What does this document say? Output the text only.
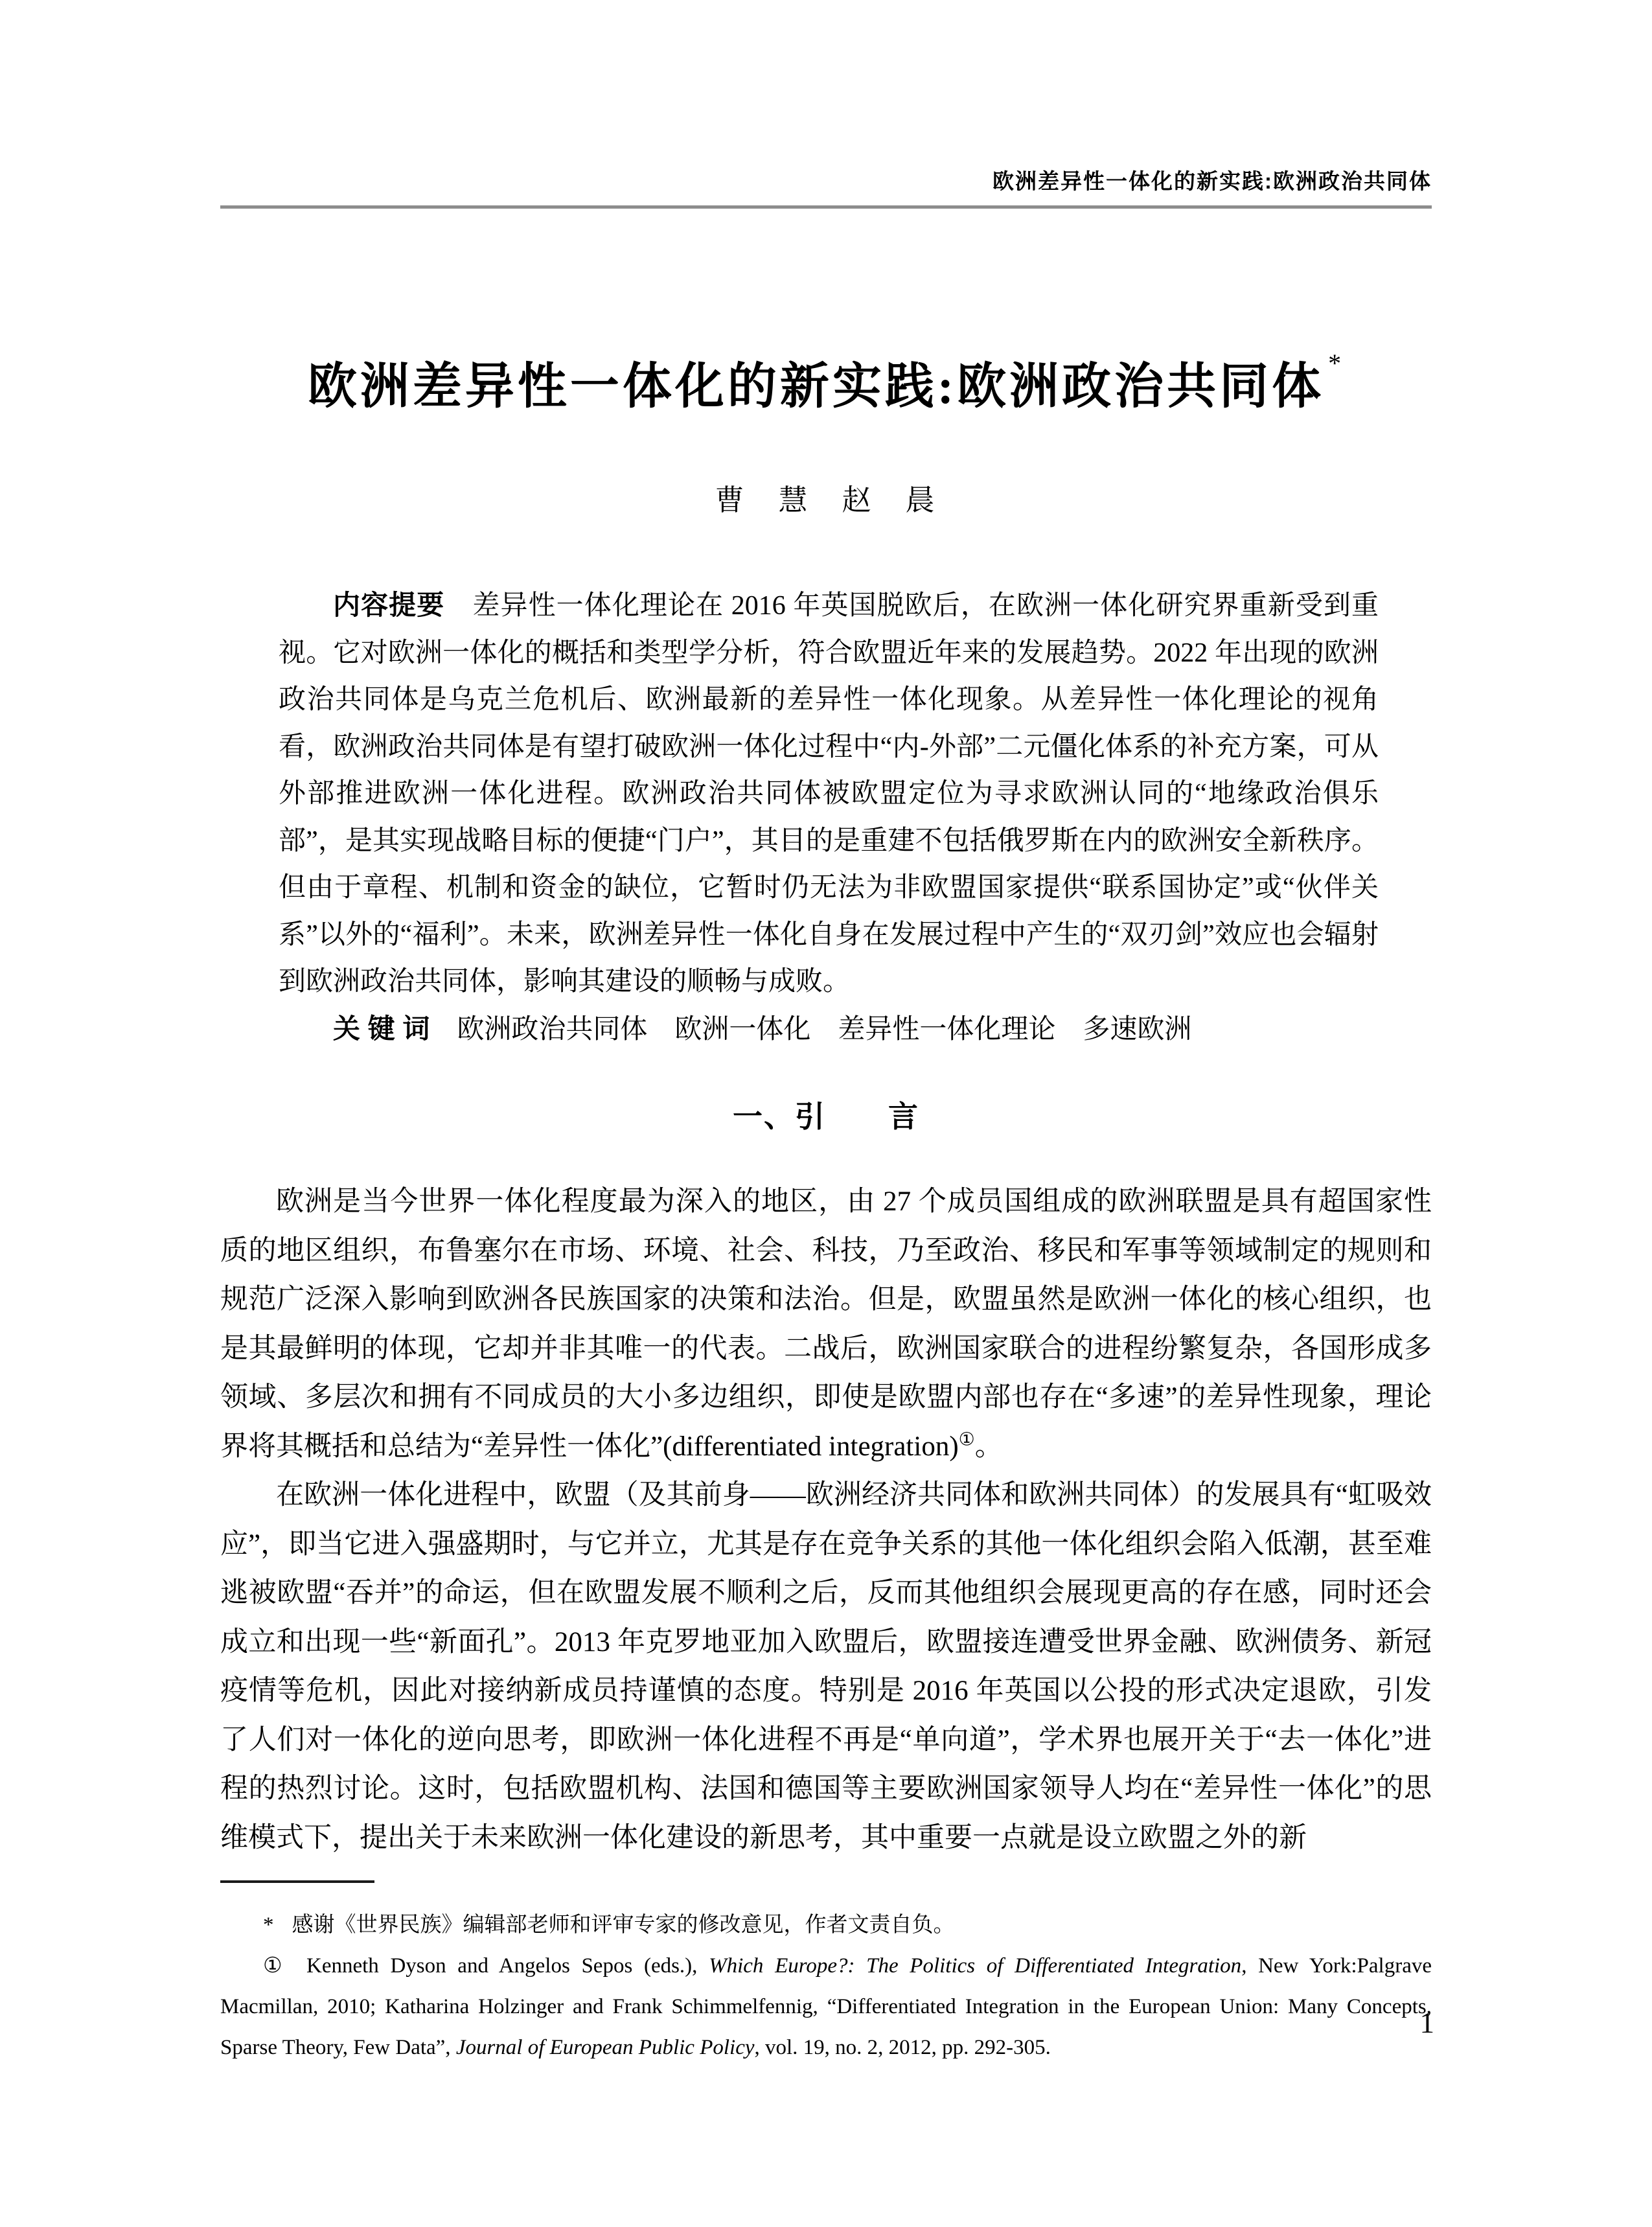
欧洲差异性一体化的新实践:欧洲政治共同体
欧洲差异性一体化的新实践:欧洲政治共同体 *
曹　慧　赵　晨

内容提要 差异性一体化理论在 2016 年英国脱欧后，在欧洲一体化研究界重新受到重视。它对欧洲一体化的概括和类型学分析，符合欧盟近年来的发展趋势。2022 年出现的欧洲政治共同体是乌克兰危机后、欧洲最新的差异性一体化现象。从差异性一体化理论的视角看，欧洲政治共同体是有望打破欧洲一体化过程中“内-外部”二元僵化体系的补充方案，可从外部推进欧洲一体化进程。欧洲政治共同体被欧盟定位为寻求欧洲认同的“地缘政治俱乐部”，是其实现战略目标的便捷“门户”，其目的是重建不包括俄罗斯在内的欧洲安全新秩序。但由于章程、机制和资金的缺位，它暂时仍无法为非欧盟国家提供“联系国协定”或“伙伴关系”以外的“福利”。未来，欧洲差异性一体化自身在发展过程中产生的“双刃剑”效应也会辐射到欧洲政治共同体，影响其建设的顺畅与成败。

关 键 词 欧洲政治共同体　欧洲一体化　差异性一体化理论　多速欧洲

一、引　　言

欧洲是当今世界一体化程度最为深入的地区，由 27 个成员国组成的欧洲联盟是具有超国家性质的地区组织，布鲁塞尔在市场、环境、社会、科技，乃至政治、移民和军事等领域制定的规则和规范广泛深入影响到欧洲各民族国家的决策和法治。但是，欧盟虽然是欧洲一体化的核心组织，也是其最鲜明的体现，它却并非其唯一的代表。二战后，欧洲国家联合的进程纷繁复杂，各国形成多领域、多层次和拥有不同成员的大小多边组织，即使是欧盟内部也存在“多速”的差异性现象，理论界将其概括和总结为“差异性一体化”(differentiated integration)①。

在欧洲一体化进程中，欧盟（及其前身——欧洲经济共同体和欧洲共同体）的发展具有“虹吸效应”，即当它进入强盛期时，与它并立，尤其是存在竞争关系的其他一体化组织会陷入低潮，甚至难逃被欧盟“吞并”的命运，但在欧盟发展不顺利之后，反而其他组织会展现更高的存在感，同时还会成立和出现一些“新面孔”。2013 年克罗地亚加入欧盟后，欧盟接连遭受世界金融、欧洲债务、新冠疫情等危机，因此对接纳新成员持谨慎的态度。特别是 2016 年英国以公投的形式决定退欧，引发了人们对一体化的逆向思考，即欧洲一体化进程不再是“单向道”，学术界也展开关于“去一体化”进程的热烈讨论。这时，包括欧盟机构、法国和德国等主要欧洲国家领导人均在“差异性一体化”的思维模式下，提出关于未来欧洲一体化建设的新思考，其中重要一点就是设立欧盟之外的新

* 感谢《世界民族》编辑部老师和评审专家的修改意见，作者文责自负。

① Kenneth Dyson and Angelos Sepos (eds.), Which Europe?: The Politics of Differentiated Integration, New York:Palgrave Macmillan, 2010; Katharina Holzinger and Frank Schimmelfennig, “Differentiated Integration in the European Union: Many Concepts, Sparse Theory, Few Data”, Journal of European Public Policy, vol. 19, no. 2, 2012, pp. 292-305.

1
